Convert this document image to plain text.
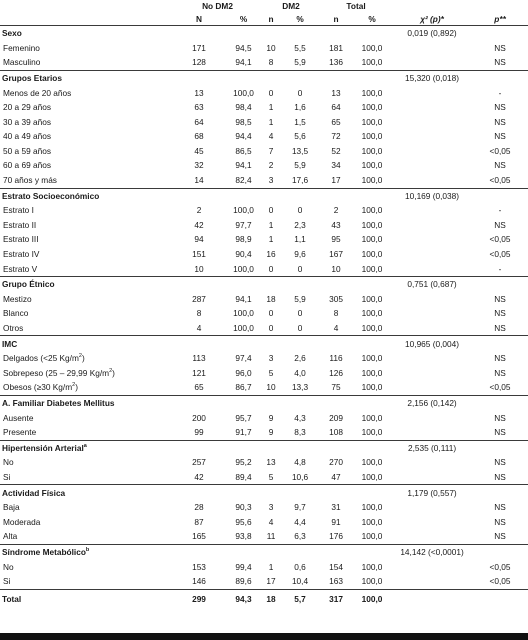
	No DM2		DM2		Total			
	N	%	n	%	n	%	χ² (p)*	p**
Sexo							0,019 (0,892)	
Femenino	171	94,5	10	5,5	181	100,0		NS
Masculino	128	94,1	8	5,9	136	100,0		NS
Grupos Etarios							15,320 (0,018)	
Menos de 20 años	13	100,0	0	0	13	100,0		-
20 a 29 años	63	98,4	1	1,6	64	100,0		NS
30 a 39 años	64	98,5	1	1,5	65	100,0		NS
40 a 49 años	68	94,4	4	5,6	72	100,0		NS
50 a 59 años	45	86,5	7	13,5	52	100,0		<0,05
60 a 69 años	32	94,1	2	5,9	34	100,0		NS
70 años y más	14	82,4	3	17,6	17	100,0		<0,05
Estrato Socioeconómico							10,169 (0,038)	
Estrato I	2	100,0	0	0	2	100,0		-
Estrato II	42	97,7	1	2,3	43	100,0		NS
Estrato III	94	98,9	1	1,1	95	100,0		<0,05
Estrato IV	151	90,4	16	9,6	167	100,0		<0,05
Estrato V	10	100,0	0	0	10	100,0		-
Grupo Étnico							0,751 (0,687)	
Mestizo	287	94,1	18	5,9	305	100,0		NS
Blanco	8	100,0	0	0	8	100,0		NS
Otros	4	100,0	0	0	4	100,0		NS
IMC							10,965 (0,004)	
Delgados (<25 $Kg/m^2$)	113	97,4	3	2,6	116	100,0		NS
Sobrepeso (25 – 29,99 $Kg/m^2$)	121	96,0	5	4,0	126	100,0		NS
Obesos (≥30 $Kg/m^2$)	65	86,7	10	13,3	75	100,0		<0,05
A. Familiar Diabetes Mellitus							2,156 (0,142)	
Ausente	200	95,7	9	4,3	209	100,0		NS
Presente	99	91,7	9	8,3	108	100,0		NS
Hipertensión Arterial$^a$							2,535 (0,111)	
No	257	95,2	13	4,8	270	100,0		NS
Si	42	89,4	5	10,6	47	100,0		NS
Actividad Física							1,179 (0,557)	
Baja	28	90,3	3	9,7	31	100,0		NS
Moderada	87	95,6	4	4,4	91	100,0		NS
Alta	165	93,8	11	6,3	176	100,0		NS
Síndrome Metabólico$^b$							14,142 (<0,0001)	
No	153	99,4	1	0,6	154	100,0		<0,05
Si	146	89,6	17	10,4	163	100,0		<0,05
Total	299	94,3	18	5,7	317	100,0		
